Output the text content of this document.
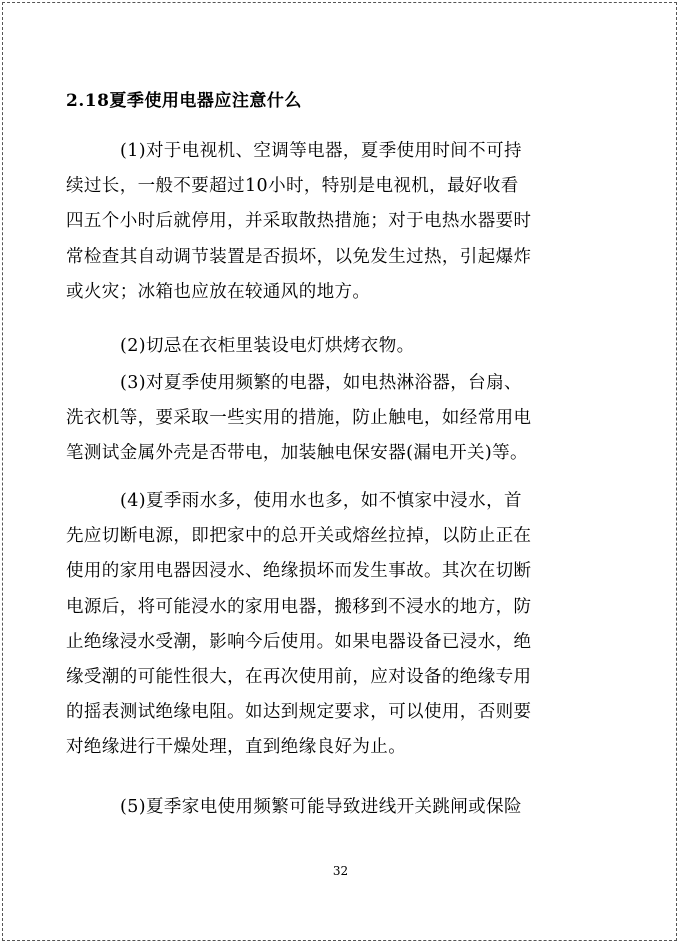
2.18夏季使用电器应注意什么
(1)对于电视机、空调等电器，夏季使用时间不可持
续过长，一般不要超过10小时，特别是电视机，最好收看
四五个小时后就停用，并采取散热措施；对于电热水器要时
常检查其自动调节装置是否损坏，以免发生过热，引起爆炸
或火灾；冰箱也应放在较通风的地方。
(2)切忌在衣柜里装设电灯烘烤衣物。
(3)对夏季使用频繁的电器，如电热淋浴器，台扇、
洗衣机等，要采取一些实用的措施，防止触电，如经常用电
笔测试金属外壳是否带电，加装触电保安器(漏电开关)等。
(4)夏季雨水多，使用水也多，如不慎家中浸水，首
先应切断电源，即把家中的总开关或熔丝拉掉，以防止正在
使用的家用电器因浸水、绝缘损坏而发生事故。其次在切断
电源后，将可能浸水的家用电器，搬移到不浸水的地方，防
止绝缘浸水受潮，影响今后使用。如果电器设备已浸水，绝
缘受潮的可能性很大，在再次使用前，应对设备的绝缘专用
的摇表测试绝缘电阻。如达到规定要求，可以使用，否则要
对绝缘进行干燥处理，直到绝缘良好为止。
(5)夏季家电使用频繁可能导致进线开关跳闸或保险
32
